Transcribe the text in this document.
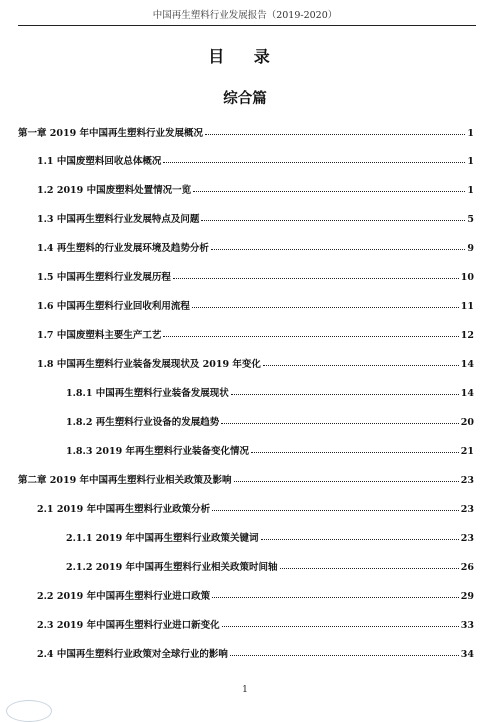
中国再生塑料行业发展报告（2019-2020）
目 录
综合篇
第一章 2019 年中国再生塑料行业发展概况	1
1.1 中国废塑料回收总体概况	1
1.2 2019 中国废塑料处置情况一览	1
1.3 中国再生塑料行业发展特点及问题	5
1.4 再生塑料的行业发展环境及趋势分析	9
1.5 中国再生塑料行业发展历程	10
1.6 中国再生塑料行业回收利用流程	11
1.7 中国废塑料主要生产工艺	12
1.8 中国再生塑料行业装备发展现状及 2019 年变化	14
1.8.1 中国再生塑料行业装备发展现状	14
1.8.2 再生塑料行业设备的发展趋势	20
1.8.3 2019 年再生塑料行业装备变化情况	21
第二章 2019 年中国再生塑料行业相关政策及影响	23
2.1 2019 年中国再生塑料行业政策分析	23
2.1.1 2019 年中国再生塑料行业政策关键词	23
2.1.2 2019 年中国再生塑料行业相关政策时间轴	26
2.2 2019 年中国再生塑料行业进口政策	29
2.3 2019 年中国再生塑料行业进口新变化	33
2.4 中国再生塑料行业政策对全球行业的影响	34
1
